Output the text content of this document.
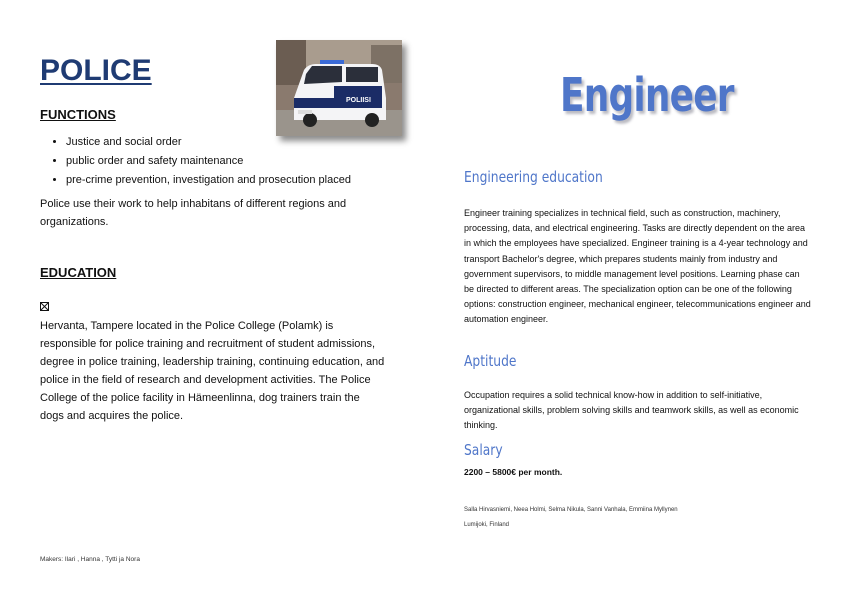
POLICE
POLIISI
FUNCTIONS
• Justice and social order
• public order and safety maintenance
• pre-crime prevention, investigation and prosecution placed

Police use their work to help inhabitans of different regions and organizations.

EDUCATION

Hervanta, Tampere located in the Police College (Polamk) is responsible for police training and recruitment of student admissions, degree in police training, leadership training, continuing education, and police in the field of research and development activities. The Police College of the police facility in Hämeenlinna, dog trainers train the dogs and acquires the police.

Makers: Ilari , Hanna , Tytti ja Nora

Engineer
Engineering education

Engineer training specializes in technical field, such as construction, machinery, processing, data, and electrical engineering. Tasks are directly dependent on the area in which the employees have specialized. Engineer training is a 4-year technology and transport Bachelor's degree, which prepares students mainly from industry and government supervisors, to middle management level positions. Learning phase can be directed to different areas. The specialization option can be one of the following options: construction engineer, mechanical engineer, telecommunications engineer and automation engineer.

Aptitude

Occupation requires a solid technical know-how in addition to self-initiative, organizational skills, problem solving skills and teamwork skills, as well as economic thinking.

Salary

2200 – 5800€ per month.

Salla Hirvasniemi, Neea Holmi, Selma Nikula, Sanni Vanhala, Emmiina Myllynen

Lumijoki, Finland
